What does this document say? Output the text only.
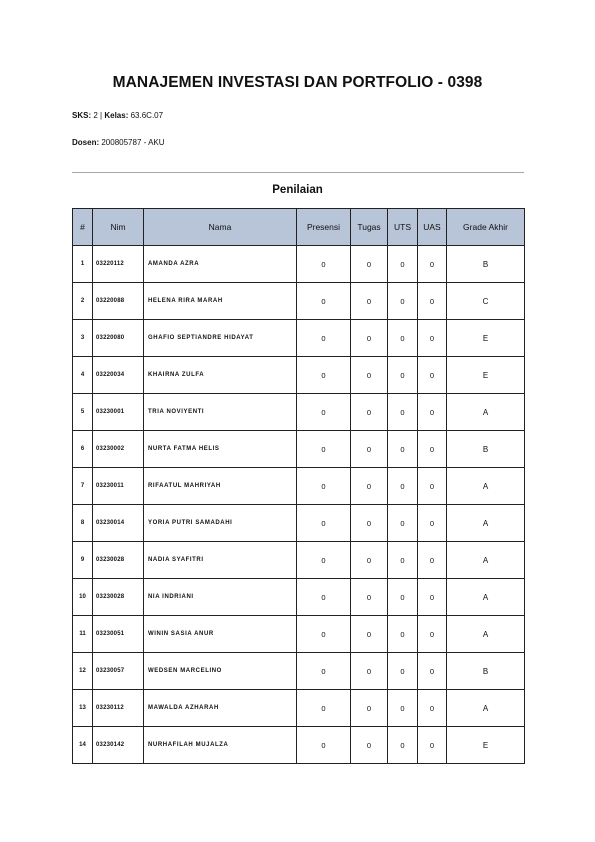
MANAJEMEN INVESTASI DAN PORTFOLIO - 0398
SKS: 2 | Kelas: 63.6C.07
Dosen: 200805787 - AKU
Penilaian
#	Nim	Nama	Presensi	Tugas	UTS	UAS	Grade Akhir
1	03220112	AMANDA AZRA	0	0	0	0	B
2	03220088	HELENA RIRA MARAH	0	0	0	0	C
3	03220080	GHAFIO SEPTIANDRE HIDAYAT	0	0	0	0	E
4	03220034	KHAIRNA ZULFA	0	0	0	0	E
5	03230001	TRIA NOVIYENTI	0	0	0	0	A
6	03230002	NURTA FATMA HELIS	0	0	0	0	B
7	03230011	RIFAATUL MAHRIYAH	0	0	0	0	A
8	03230014	YORIA PUTRI SAMADAHI	0	0	0	0	A
9	03230028	NADIA SYAFITRI	0	0	0	0	A
10	03230028	NIA INDRIANI	0	0	0	0	A
11	03230051	WININ SASIA ANUR	0	0	0	0	A
12	03230057	WEDSEN MARCELINO	0	0	0	0	B
13	03230112	MAWALDA AZHARAH	0	0	0	0	A
14	03230142	NURHAFILAH MUJALZA	0	0	0	0	E
